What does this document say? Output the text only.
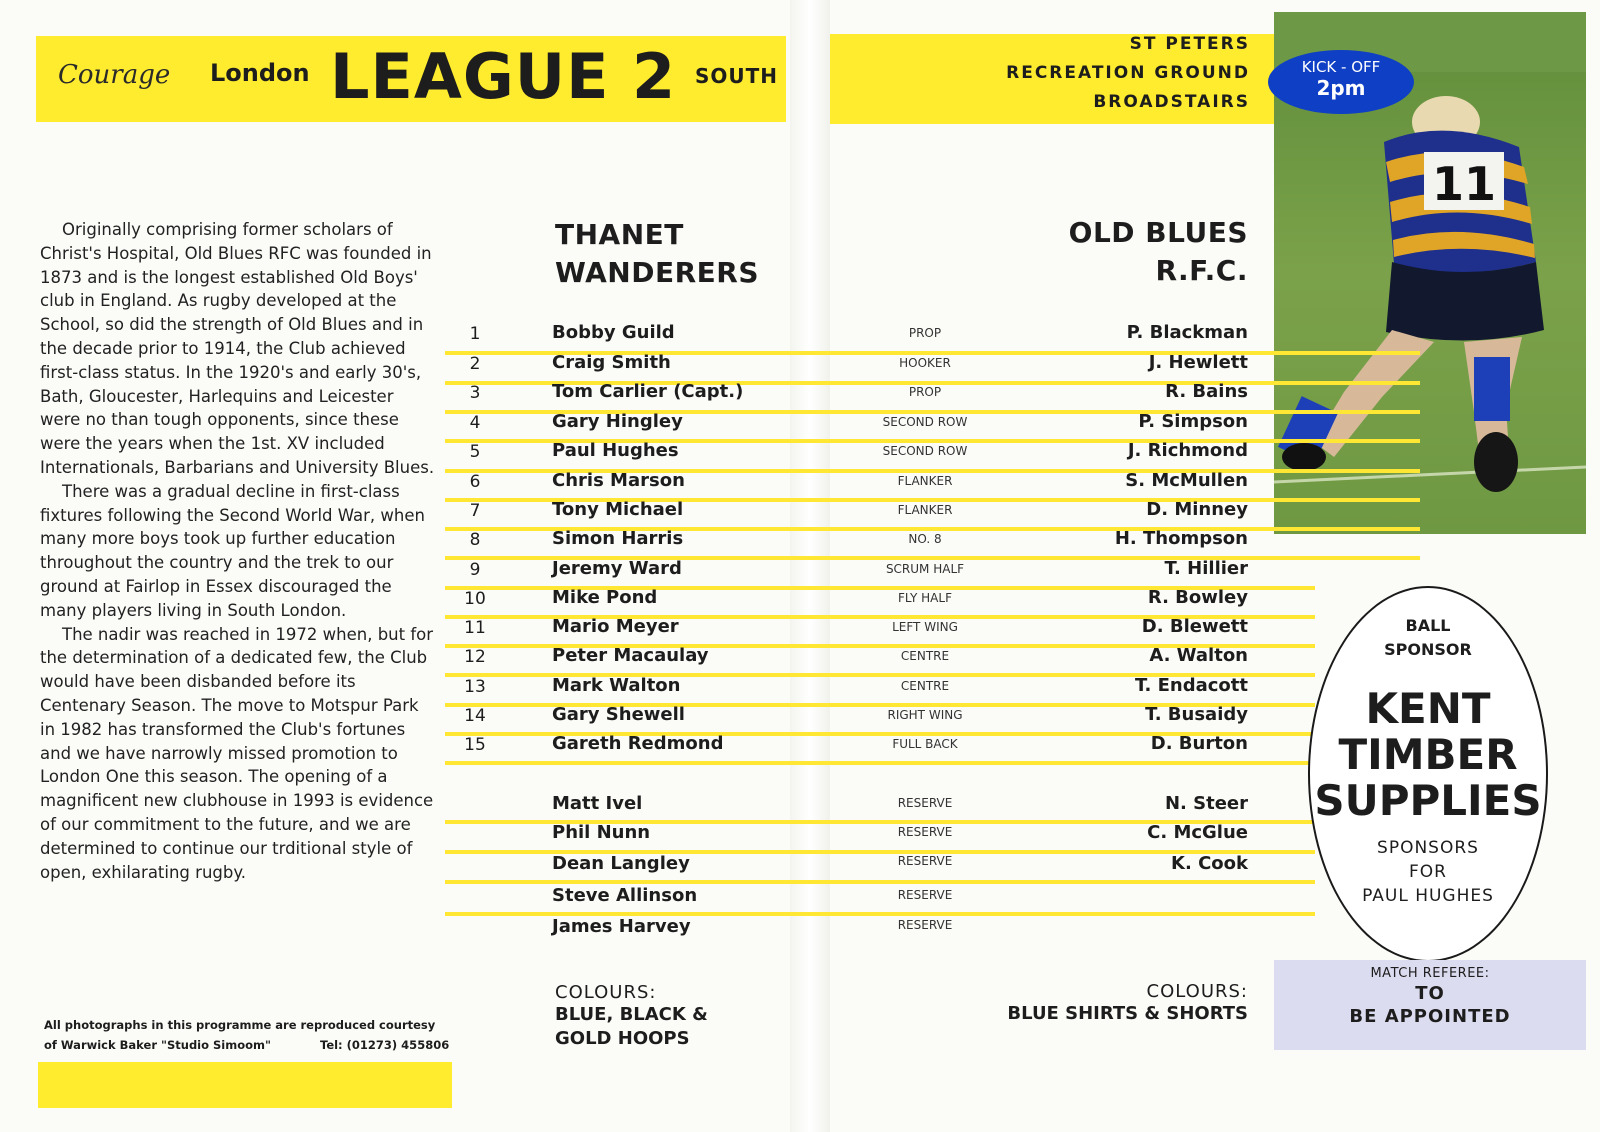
Courage London LEAGUE 2 SOUTH
ST PETERS
RECREATION GROUND
BROADSTAIRS
11
KICK - OFF
2pm

Originally comprising former scholars of Christ's Hospital, Old Blues RFC was founded in 1873 and is the longest established Old Boys' club in England. As rugby developed at the School, so did the strength of Old Blues and in the decade prior to 1914, the Club achieved first-class status. In the 1920's and early 30's, Bath, Gloucester, Harlequins and Leicester were no than tough opponents, since these were the years when the 1st. XV included Internationals, Barbarians and University Blues.

There was a gradual decline in first-class fixtures following the Second World War, when many more boys took up further education throughout the country and the trek to our ground at Fairlop in Essex discouraged the many players living in South London.

The nadir was reached in 1972 when, but for the determination of a dedicated few, the Club would have been disbanded before its Centenary Season. The move to Motspur Park in 1982 has transformed the Club's fortunes and we have narrowly missed promotion to London One this season. The opening of a magnificent new clubhouse in 1993 is evidence of our commitment to the future, and we are determined to continue our trditional style of open, exhilarating rugby.

All photographs in this programme are reproduced courtesy
of Warwick Baker "Studio Simoom"	Tel: (01273) 455806
THANET
WANDERERS
OLD BLUES
R.F.C.
1	Bobby Guild	PROP	P. Blackman
2	Craig Smith	HOOKER	J. Hewlett
3	Tom Carlier (Capt.)	PROP	R. Bains
4	Gary Hingley	SECOND ROW	P. Simpson
5	Paul Hughes	SECOND ROW	J. Richmond
6	Chris Marson	FLANKER	S. McMullen
7	Tony Michael	FLANKER	D. Minney
8	Simon Harris	NO. 8	H. Thompson
9	Jeremy Ward	SCRUM HALF	T. Hillier
10	Mike Pond	FLY HALF	R. Bowley
11	Mario Meyer	LEFT WING	D. Blewett
12	Peter Macaulay	CENTRE	A. Walton
13	Mark Walton	CENTRE	T. Endacott
14	Gary Shewell	RIGHT WING	T. Busaidy
15	Gareth Redmond	FULL BACK	D. Burton
Matt Ivel	RESERVE	N. Steer
Phil Nunn	RESERVE	C. McGlue
Dean Langley	RESERVE	K. Cook
Steve Allinson	RESERVE
James Harvey	RESERVE
COLOURS:
BLUE, BLACK &
GOLD HOOPS
COLOURS:
BLUE SHIRTS & SHORTS
BALL
SPONSOR
KENT
TIMBER
SUPPLIES
SPONSORS
FOR
PAUL HUGHES
MATCH REFEREE:
TO
BE APPOINTED
